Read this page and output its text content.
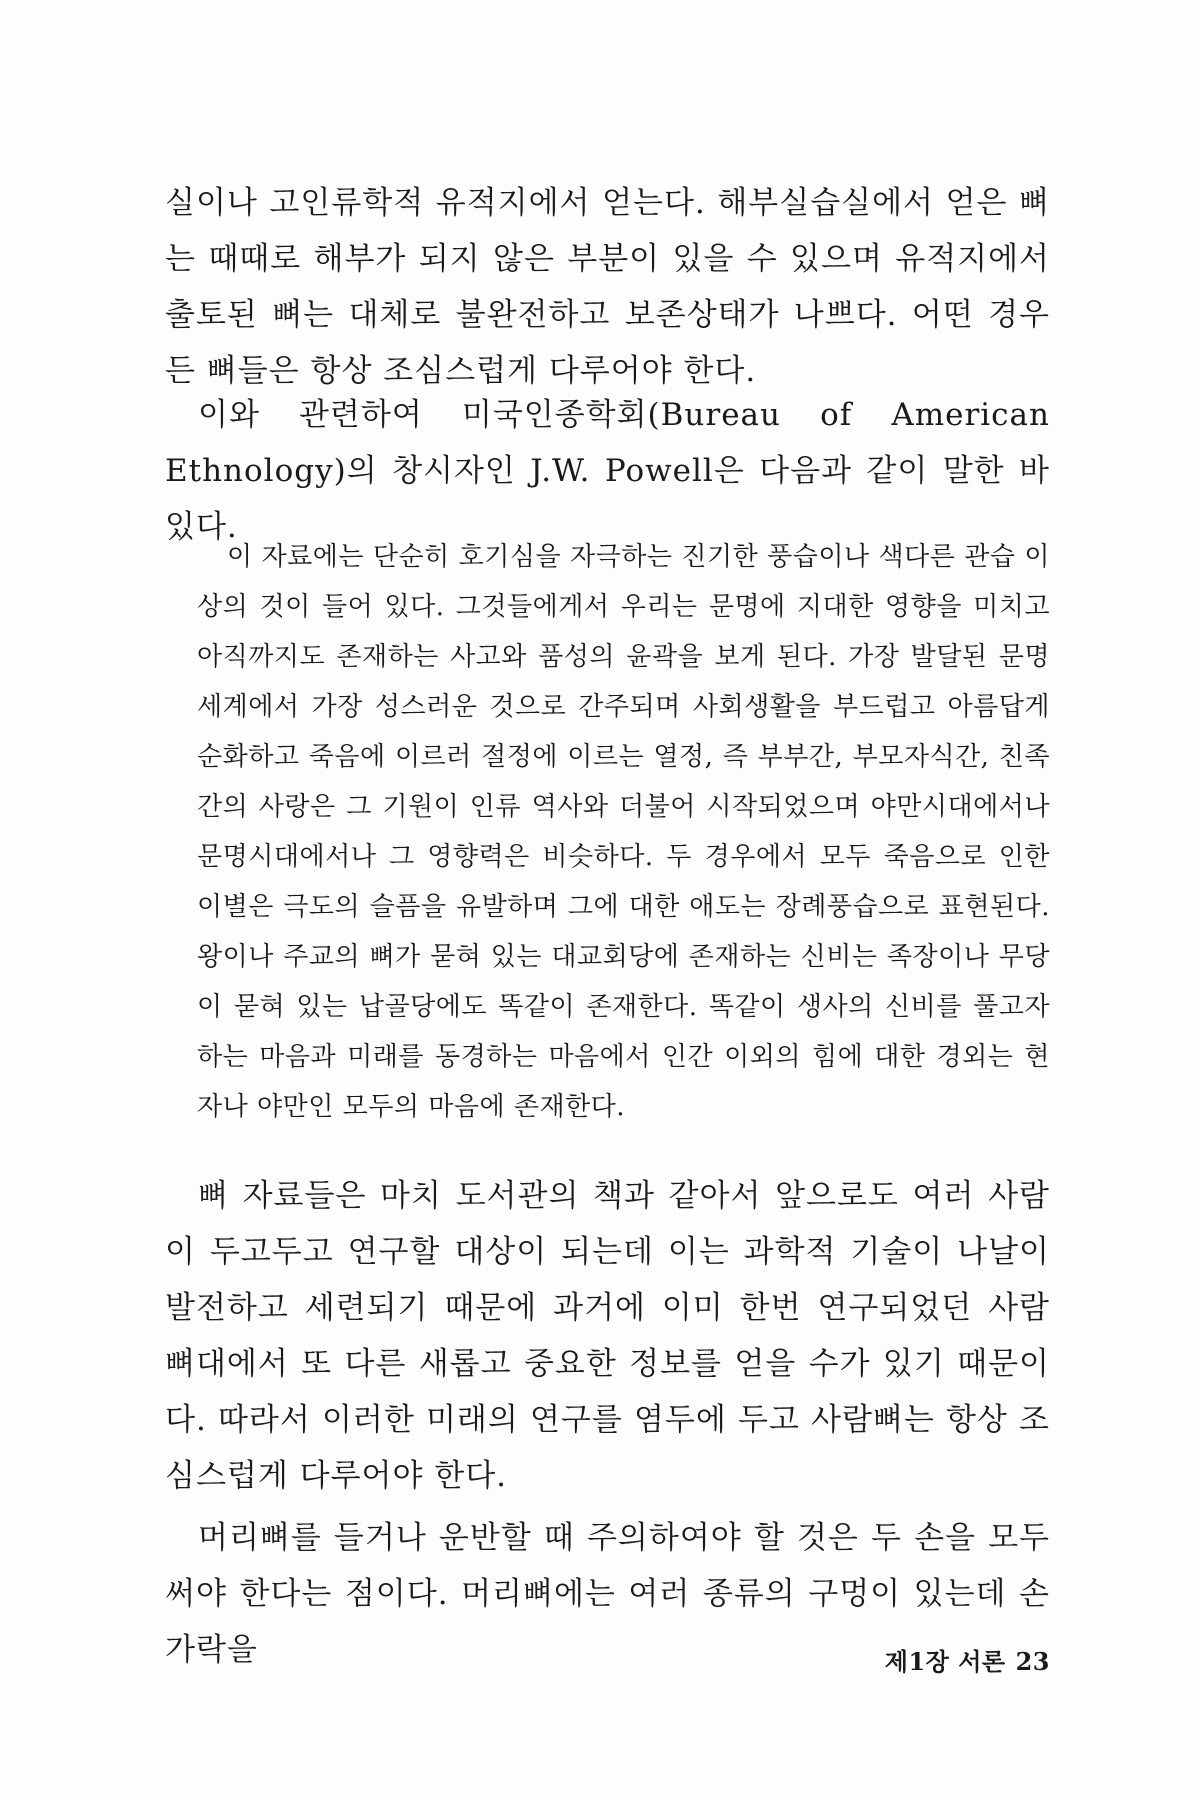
실이나 고인류학적 유적지에서 얻는다. 해부실습실에서 얻은 뼈는 때때로 해부가 되지 않은 부분이 있을 수 있으며 유적지에서 출토된 뼈는 대체로 불완전하고 보존상태가 나쁘다. 어떤 경우든 뼈들은 항상 조심스럽게 다루어야 한다.

이와 관련하여 미국인종학회(Bureau of American Ethnology)의 창시자인 J.W. Powell은 다음과 같이 말한 바 있다.

이 자료에는 단순히 호기심을 자극하는 진기한 풍습이나 색다른 관습 이상의 것이 들어 있다. 그것들에게서 우리는 문명에 지대한 영향을 미치고 아직까지도 존재하는 사고와 품성의 윤곽을 보게 된다. 가장 발달된 문명세계에서 가장 성스러운 것으로 간주되며 사회생활을 부드럽고 아름답게 순화하고 죽음에 이르러 절정에 이르는 열정, 즉 부부간, 부모자식간, 친족간의 사랑은 그 기원이 인류 역사와 더불어 시작되었으며 야만시대에서나 문명시대에서나 그 영향력은 비슷하다. 두 경우에서 모두 죽음으로 인한 이별은 극도의 슬픔을 유발하며 그에 대한 애도는 장례풍습으로 표현된다. 왕이나 주교의 뼈가 묻혀 있는 대교회당에 존재하는 신비는 족장이나 무당이 묻혀 있는 납골당에도 똑같이 존재한다. 똑같이 생사의 신비를 풀고자 하는 마음과 미래를 동경하는 마음에서 인간 이외의 힘에 대한 경외는 현자나 야만인 모두의 마음에 존재한다.

뼈 자료들은 마치 도서관의 책과 같아서 앞으로도 여러 사람이 두고두고 연구할 대상이 되는데 이는 과학적 기술이 나날이 발전하고 세련되기 때문에 과거에 이미 한번 연구되었던 사람 뼈대에서 또 다른 새롭고 중요한 정보를 얻을 수가 있기 때문이다. 따라서 이러한 미래의 연구를 염두에 두고 사람뼈는 항상 조심스럽게 다루어야 한다.

머리뼈를 들거나 운반할 때 주의하여야 할 것은 두 손을 모두 써야 한다는 점이다. 머리뼈에는 여러 종류의 구멍이 있는데 손가락을	제1장 서론 23
